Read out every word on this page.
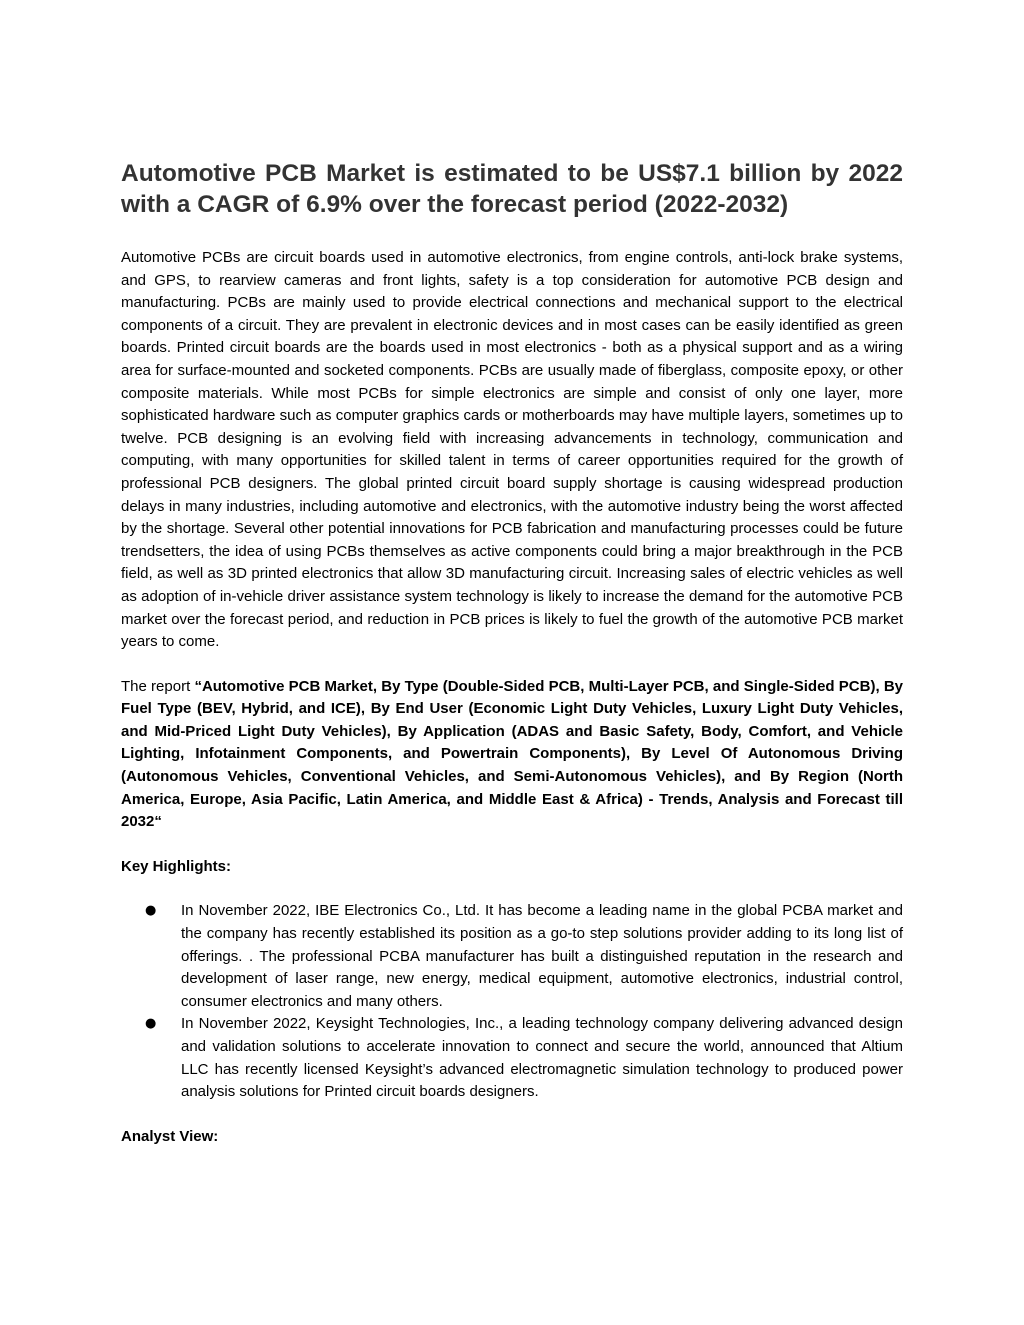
Automotive PCB Market is estimated to be US$7.1 billion by 2022 with a CAGR of 6.9% over the forecast period (2022-2032)

Automotive PCBs are circuit boards used in automotive electronics, from engine controls, anti-lock brake systems, and GPS, to rearview cameras and front lights, safety is a top consideration for automotive PCB design and manufacturing. PCBs are mainly used to provide electrical connections and mechanical support to the electrical components of a circuit. They are prevalent in electronic devices and in most cases can be easily identified as green boards. Printed circuit boards are the boards used in most electronics - both as a physical support and as a wiring area for surface-mounted and socketed components. PCBs are usually made of fiberglass, composite epoxy, or other composite materials. While most PCBs for simple electronics are simple and consist of only one layer, more sophisticated hardware such as computer graphics cards or motherboards may have multiple layers, sometimes up to twelve. PCB designing is an evolving field with increasing advancements in technology, communication and computing, with many opportunities for skilled talent in terms of career opportunities required for the growth of professional PCB designers. The global printed circuit board supply shortage is causing widespread production delays in many industries, including automotive and electronics, with the automotive industry being the worst affected by the shortage. Several other potential innovations for PCB fabrication and manufacturing processes could be future trendsetters, the idea of using PCBs themselves as active components could bring a major breakthrough in the PCB field, as well as 3D printed electronics that allow 3D manufacturing circuit. Increasing sales of electric vehicles as well as adoption of in-vehicle driver assistance system technology is likely to increase the demand for the automotive PCB market over the forecast period, and reduction in PCB prices is likely to fuel the growth of the automotive PCB market years to come.

The report “Automotive PCB Market, By Type (Double-Sided PCB, Multi-Layer PCB, and Single-Sided PCB), By Fuel Type (BEV, Hybrid, and ICE), By End User (Economic Light Duty Vehicles, Luxury Light Duty Vehicles, and Mid-Priced Light Duty Vehicles), By Application (ADAS and Basic Safety, Body, Comfort, and Vehicle Lighting, Infotainment Components, and Powertrain Components), By Level Of Autonomous Driving (Autonomous Vehicles, Conventional Vehicles, and Semi-Autonomous Vehicles), and By Region (North America, Europe, Asia Pacific, Latin America, and Middle East & Africa) - Trends, Analysis and Forecast till 2032“

Key Highlights:
● In November 2022, IBE Electronics Co., Ltd. It has become a leading name in the global PCBA market and the company has recently established its position as a go-to step solutions provider adding to its long list of offerings. . The professional PCBA manufacturer has built a distinguished reputation in the research and development of laser range, new energy, medical equipment, automotive electronics, industrial control, consumer electronics and many others.
● In November 2022, Keysight Technologies, Inc., a leading technology company delivering advanced design and validation solutions to accelerate innovation to connect and secure the world, announced that Altium LLC has recently licensed Keysight’s advanced electromagnetic simulation technology to produced power analysis solutions for Printed circuit boards designers.
Analyst View:
